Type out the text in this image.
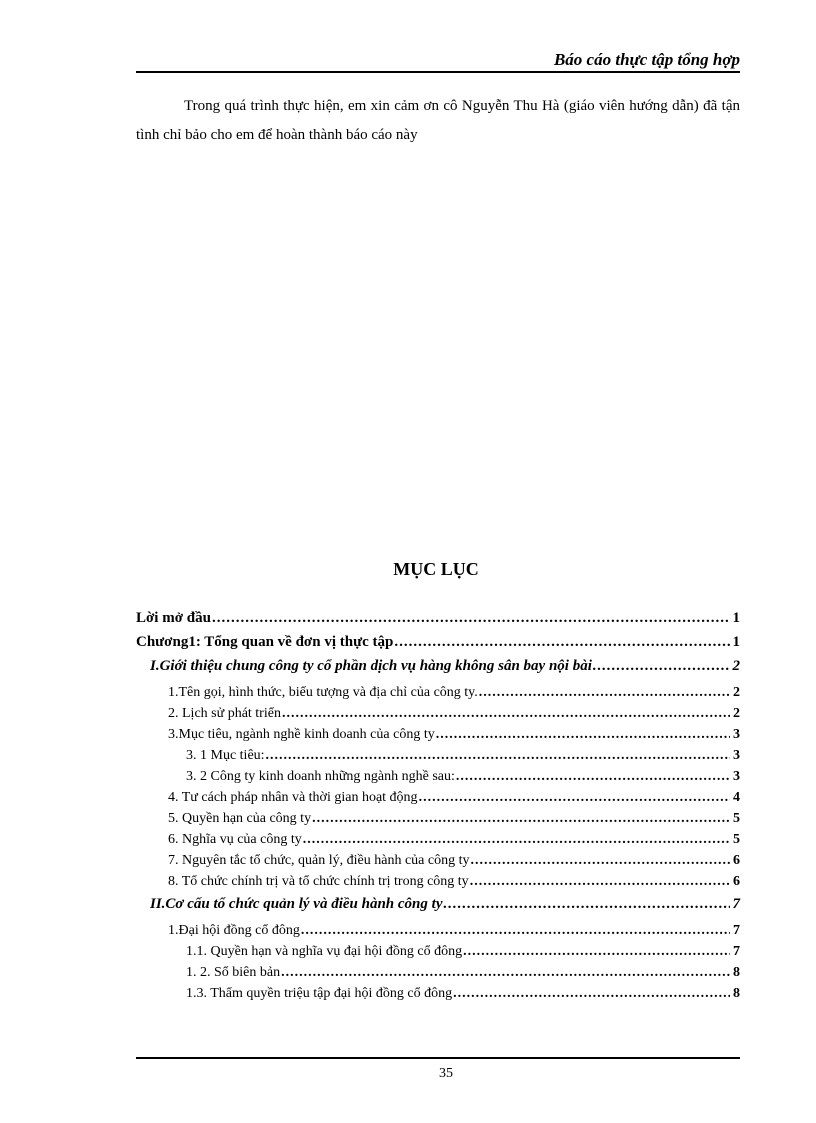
Báo cáo thực tập tổng hợp

Trong quá trình thực hiện, em xin cảm ơn cô Nguyễn Thu Hà (giáo viên hướng dẫn) đã tận tình chỉ bảo cho em để hoàn thành báo cáo này

MỤC LỤC
Lời mở đầu .....	1
Chương1: Tổng quan về đơn vị thực tập .....	1
I.Giới thiệu chung công ty cổ phần dịch vụ hàng không sân bay nội bài .....	2
1.Tên gọi, hình thức, biểu tượng và địa chỉ của công ty. .....	2
2. Lịch sử phát triển .....	2
3.Mục tiêu, ngành nghề kinh doanh của công ty .....	3
3. 1 Mục tiêu: .....	3
3. 2 Công ty kinh doanh những ngành nghề sau: .....	3
4. Tư cách pháp nhân và thời gian hoạt động .....	4
5. Quyền hạn của công ty .....	5
6. Nghĩa vụ của công ty .....	5
7. Nguyên tắc tổ chức, quản lý, điều hành của công ty .....	6
8. Tổ chức chính trị và tổ chức chính trị trong công ty .....	6
II.Cơ cấu tổ chức quản lý và điều hành công ty .....	7
1.Đại hội đồng cổ đông .....	7
1.1. Quyền hạn và nghĩa vụ đại hội đồng cổ đông .....	7
1. 2. Sổ biên bản .....	8
1.3. Thẩm quyền triệu tập đại hội đồng cổ đông .....	8
35
